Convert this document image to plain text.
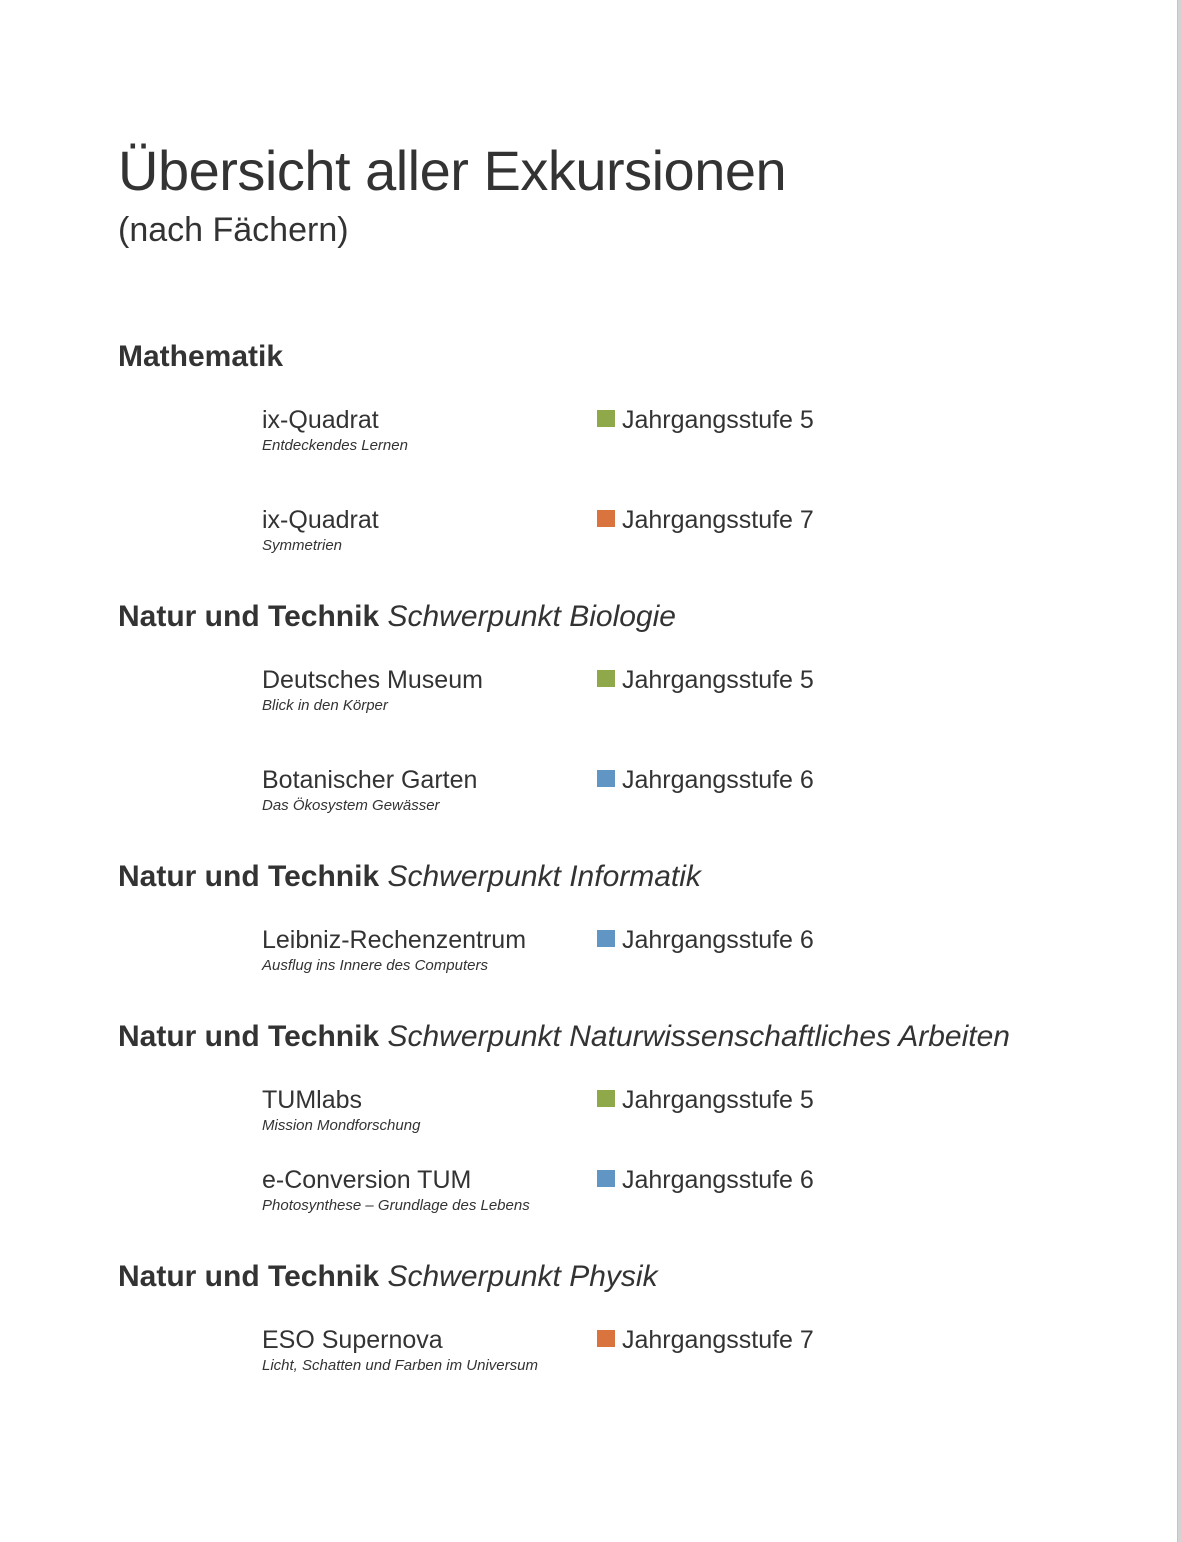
Übersicht aller Exkursionen
(nach Fächern)
Mathematik
ix-Quadrat
Entdeckendes Lernen
Jahrgangsstufe 5
ix-Quadrat
Symmetrien
Jahrgangsstufe 7
Natur und Technik Schwerpunkt Biologie
Deutsches Museum
Blick in den Körper
Jahrgangsstufe 5
Botanischer Garten
Das Ökosystem Gewässer
Jahrgangsstufe 6
Natur und Technik Schwerpunkt Informatik
Leibniz-Rechenzentrum
Ausflug ins Innere des Computers
Jahrgangsstufe 6
Natur und Technik Schwerpunkt Naturwissenschaftliches Arbeiten
TUMlabs
Mission Mondforschung
Jahrgangsstufe 5
e-Conversion TUM
Photosynthese – Grundlage des Lebens
Jahrgangsstufe 6
Natur und Technik Schwerpunkt Physik
ESO Supernova
Licht, Schatten und Farben im Universum
Jahrgangsstufe 7
